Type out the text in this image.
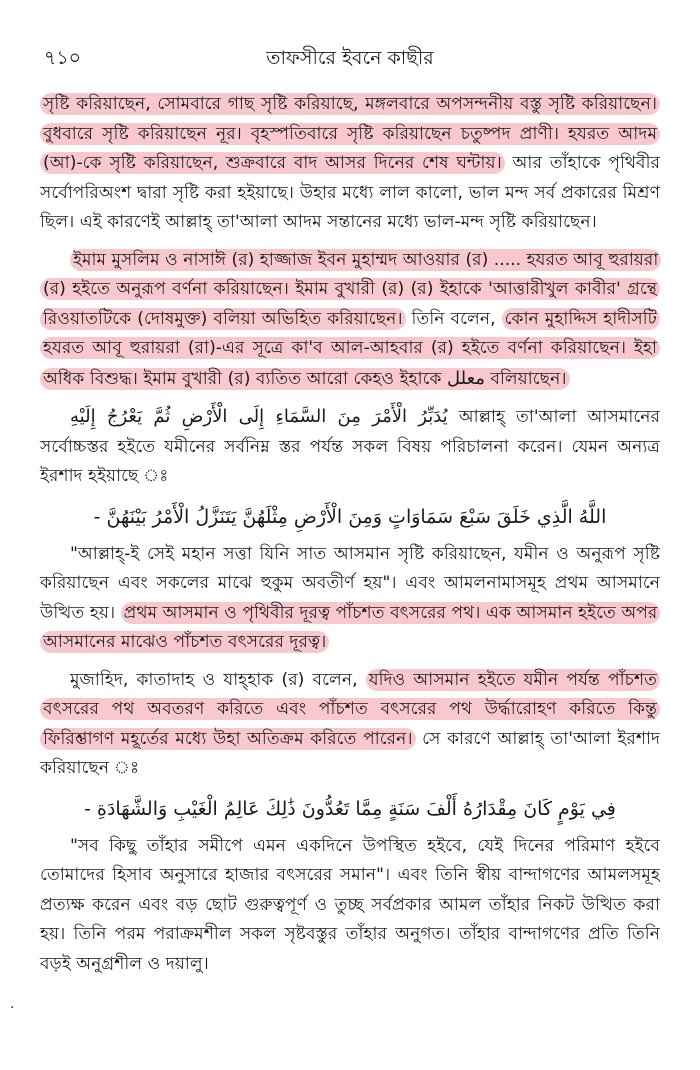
৭১০	তাফসীরে ইবনে কাছীর

সৃষ্টি করিয়াছেন, সোমবারে গাছ সৃষ্টি করিয়াছে, মঙ্গলবারে অপসন্দনীয় বস্তু সৃষ্টি করিয়াছেন। বুধবারে সৃষ্টি করিয়াছেন নূর। বৃহস্পতিবারে সৃষ্টি করিয়াছেন চতুষ্পদ প্রাণী। হযরত আদম (আ)-কে সৃষ্টি করিয়াছেন, শুক্রবারে বাদ আসর দিনের শেষ ঘন্টায়। আর তাঁহাকে পৃথিবীর সর্বোপরিঅংশ দ্বারা সৃষ্টি করা হইয়াছে। উহার মধ্যে লাল কালো, ভাল মন্দ সর্ব প্রকারের মিশ্রণ ছিল। এই কারণেই আল্লাহ্ তা'আলা আদম সন্তানের মধ্যে ভাল-মন্দ সৃষ্টি করিয়াছেন।

ইমাম মুসলিম ও নাসাঈ (র) হাজ্জাজ ইবন মুহাম্মদ আওয়ার (র) ..... হযরত আবূ হুরায়রা (র) হইতে অনুরূপ বর্ণনা করিয়াছেন। ইমাম বুখারী (র) (র) ইহাকে 'আত্তারীখুল কাবীর' গ্রন্থে রিওয়াতটিকে (দোষমুক্ত) বলিয়া অভিহিত করিয়াছেন। তিনি বলেন, কোন মুহাদ্দিস হাদীসটি হযরত আবূ হুরায়রা (রা)-এর সূত্রে কা'ব আল-আহবার (র) হইতে বর্ণনা করিয়াছেন। ইহা অধিক বিশুদ্ধ। ইমাম বুখারী (র) ব্যতিত আরো কেহও ইহাকে معلل বলিয়াছেন।

يُدَبِّرُ الْأَمْرَ مِنَ السَّمَاءِ إِلَى الْأَرْضِ ثُمَّ يَعْرُجُ إِلَيْهِ আল্লাহ্ তা'আলা আসমানের সর্বোচ্চস্তর হইতে যমীনের সর্বনিম্ন স্তর পর্যন্ত সকল বিষয় পরিচালনা করেন। যেমন অন্যত্র ইরশাদ হইয়াছে ঃ

اللَّهُ الَّذِي خَلَقَ سَبْعَ سَمَاوَاتٍ وَمِنَ الْأَرْضِ مِثْلَهُنَّ يَتَنَزَّلُ الْأَمْرُ بَيْنَهُنَّ -

"আল্লাহ্-ই সেই মহান সত্তা যিনি সাত আসমান সৃষ্টি করিয়াছেন, যমীন ও অনুরূপ সৃষ্টি করিয়াছেন এবং সকলের মাঝে হুকুম অবতীর্ণ হয়"। এবং আমলনামাসমূহ প্রথম আসমানে উত্থিত হয়। প্রথম আসমান ও পৃথিবীর দূরত্ব পাঁচশত বৎসরের পথ। এক আসমান হইতে অপর আসমানের মাঝেও পাঁচশত বৎসরের দূরত্ব।

মুজাহিদ, কাতাদাহ ও যাহ্হাক (র) বলেন, যদিও আসমান হইতে যমীন পর্যন্ত পাঁচশত বৎসরের পথ অবতরণ করিতে এবং পাঁচশত বৎসরের পথ উর্দ্ধারোহণ করিতে কিন্তু ফিরিশ্তাগণ মহূর্তের মধ্যে উহা অতিক্রম করিতে পারেন। সে কারণে আল্লাহ্ তা'আলা ইরশাদ করিয়াছেন ঃ

فِي يَوْمٍ كَانَ مِقْدَارُهُ أَلْفَ سَنَةٍ مِمَّا تَعُدُّونَ ذَٰلِكَ عَالِمُ الْغَيْبِ وَالشَّهَادَةِ -

"সব কিছু তাঁহার সমীপে এমন একদিনে উপস্থিত হইবে, যেই দিনের পরিমাণ হইবে তোমাদের হিসাব অনুসারে হাজার বৎসরের সমান"। এবং তিনি স্বীয় বান্দাগণের আমলসমূহ প্রত্যক্ষ করেন এবং বড় ছোট গুরুত্বপূর্ণ ও তুচ্ছ সর্বপ্রকার আমল তাঁহার নিকট উত্থিত করা হয়। তিনি পরম পরাক্রমশীল সকল সৃষ্টবস্তুর তাঁহার অনুগত। তাঁহার বান্দাগণের প্রতি তিনি বড়ই অনুগ্রশীল ও দয়ালু।

·
